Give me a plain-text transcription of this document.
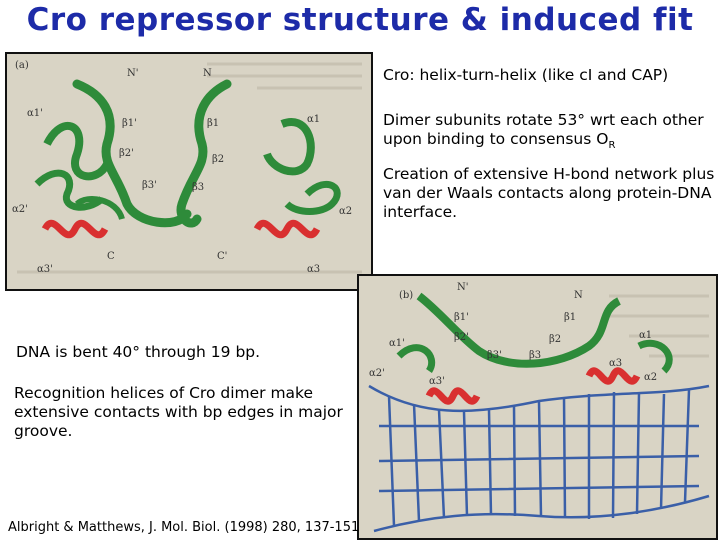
Cro repressor structure & induced fit
(a)
N'	N
α1'
β1'	β1	α1
β2'
β2
β3'	β3
α2'	α2
C	C'
α3'	α3
(b)
N'
N
β1'	β1
β2'	β2
α1'
α1
β3'	β3
α2'	α2
α3'
α3
Cro: helix-turn-helix (like cI and CAP)
Dimer subunits rotate 53° wrt each other upon binding to consensus $O_R$
Creation of extensive H-bond network plus van der Waals contacts along protein-DNA interface.
DNA is bent 40° through 19 bp.
Recognition helices of Cro dimer make extensive contacts with bp edges in major groove.
Albright & Matthews, J. Mol. Biol. (1998) 280, 137-151
